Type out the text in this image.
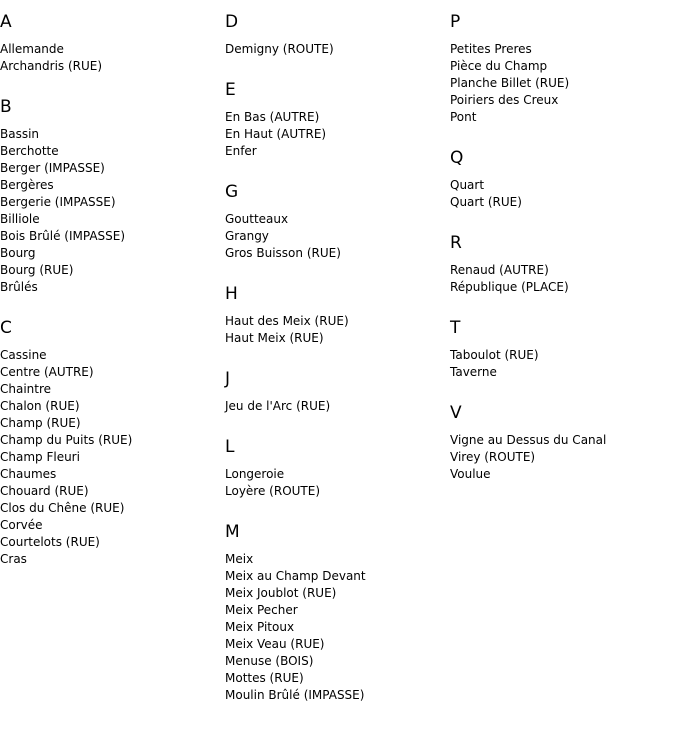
A
Allemande
Archandris (RUE)
B
Bassin
Berchotte
Berger (IMPASSE)
Bergères
Bergerie (IMPASSE)
Billiole
Bois Brûlé (IMPASSE)
Bourg
Bourg (RUE)
Brûlés
C
Cassine
Centre (AUTRE)
Chaintre
Chalon (RUE)
Champ (RUE)
Champ du Puits (RUE)
Champ Fleuri
Chaumes
Chouard (RUE)
Clos du Chêne (RUE)
Corvée
Courtelots (RUE)
Cras
D
Demigny (ROUTE)
E
En Bas (AUTRE)
En Haut (AUTRE)
Enfer
G
Goutteaux
Grangy
Gros Buisson (RUE)
H
Haut des Meix (RUE)
Haut Meix (RUE)
J
Jeu de l'Arc (RUE)
L
Longeroie
Loyère (ROUTE)
M
Meix
Meix au Champ Devant
Meix Joublot (RUE)
Meix Pecher
Meix Pitoux
Meix Veau (RUE)
Menuse (BOIS)
Mottes (RUE)
Moulin Brûlé (IMPASSE)
P
Petites Preres
Pièce du Champ
Planche Billet (RUE)
Poiriers des Creux
Pont
Q
Quart
Quart (RUE)
R
Renaud (AUTRE)
République (PLACE)
T
Taboulot (RUE)
Taverne
V
Vigne au Dessus du Canal
Virey (ROUTE)
Voulue
